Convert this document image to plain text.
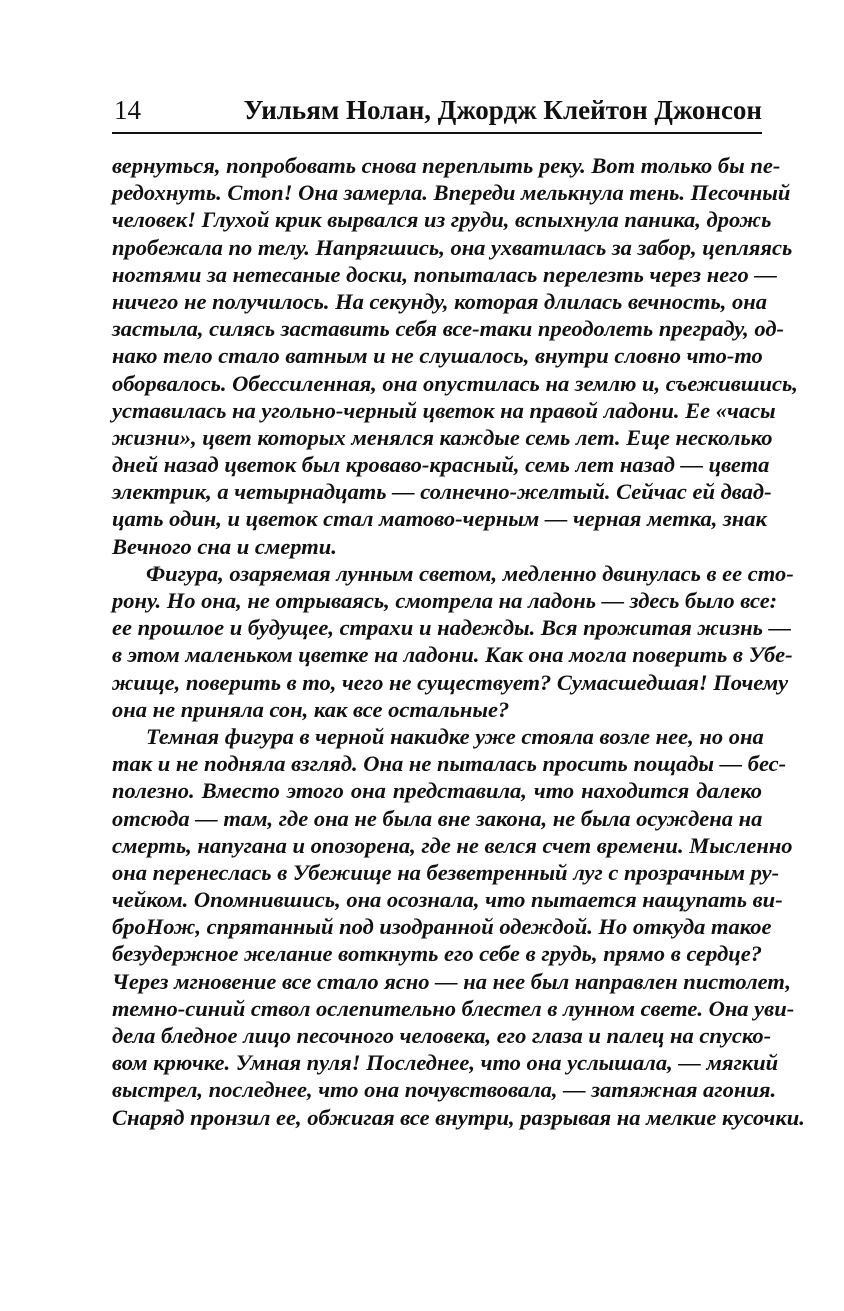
14	Уильям Нолан, Джордж Клейтон Джонсон
вернуться, попробовать снова переплыть реку. Вот только бы пе-
редохнуть. Стоп! Она замерла. Впереди мелькнула тень. Песочный
человек! Глухой крик вырвался из груди, вспыхнула паника, дрожь
пробежала по телу. Напрягшись, она ухватилась за забор, цепляясь
ногтями за нетесаные доски, попыталась перелезть через него —
ничего не получилось. На секунду, которая длилась вечность, она
застыла, силясь заставить себя все-таки преодолеть преграду, од-
нако тело стало ватным и не слушалось, внутри словно что-то
оборвалось. Обессиленная, она опустилась на землю и, съежившись,
уставилась на угольно-черный цветок на правой ладони. Ее «часы
жизни», цвет которых менялся каждые семь лет. Еще несколько
дней назад цветок был кроваво-красный, семь лет назад — цвета
электрик, а четырнадцать — солнечно-желтый. Сейчас ей двад-
цать один, и цветок стал матово-черным — черная метка, знак
Вечного сна и смерти.
Фигура, озаряемая лунным светом, медленно двинулась в ее сто-
рону. Но она, не отрываясь, смотрела на ладонь — здесь было все:
ее прошлое и будущее, страхи и надежды. Вся прожитая жизнь —
в этом маленьком цветке на ладони. Как она могла поверить в Убе-
жище, поверить в то, чего не существует? Сумасшедшая! Почему
она не приняла сон, как все остальные?
Темная фигура в черной накидке уже стояла возле нее, но она
так и не подняла взгляд. Она не пыталась просить пощады — бес-
полезно. Вместо этого она представила, что находится далеко
отсюда — там, где она не была вне закона, не была осуждена на
смерть, напугана и опозорена, где не велся счет времени. Мысленно
она перенеслась в Убежище на безветренный луг с прозрачным ру-
чейком. Опомнившись, она осознала, что пытается нащупать ви-
броНож, спрятанный под изодранной одеждой. Но откуда такое
безудержное желание воткнуть его себе в грудь, прямо в сердце?
Через мгновение все стало ясно — на нее был направлен пистолет,
темно-синий ствол ослепительно блестел в лунном свете. Она уви-
дела бледное лицо песочного человека, его глаза и палец на спуско-
вом крючке. Умная пуля! Последнее, что она услышала, — мягкий
выстрел, последнее, что она почувствовала, — затяжная агония.
Снаряд пронзил ее, обжигая все внутри, разрывая на мелкие кусочки.
